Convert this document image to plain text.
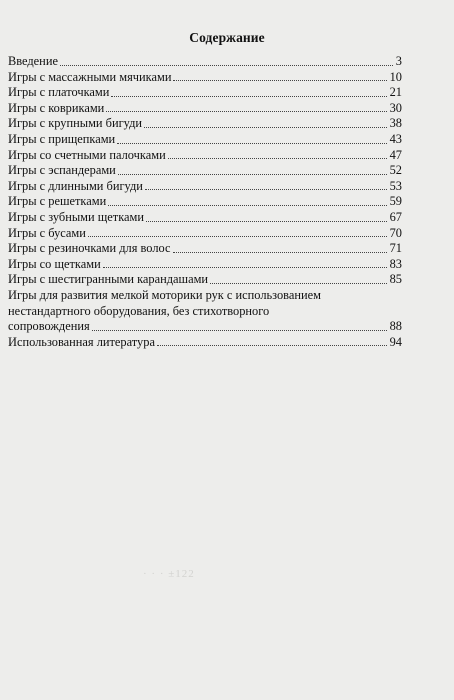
Содержание
Введение	3
Игры с массажными мячиками	10
Игры с платочками	21
Игры с ковриками	30
Игры с крупными бигуди	38
Игры с прищепками	43
Игры со счетными палочками	47
Игры с эспандерами	52
Игры с длинными бигуди	53
Игры с решетками	59
Игры с зубными щетками	67
Игры с бусами	70
Игры с резиночками для волос	71
Игры со щетками	83
Игры с шестигранными карандашами	85
Игры для развития мелкой моторики рук с использованием
нестандартного оборудования, без стихотворного
сопровождения	88
Использованная литература	94
· · · ±122
